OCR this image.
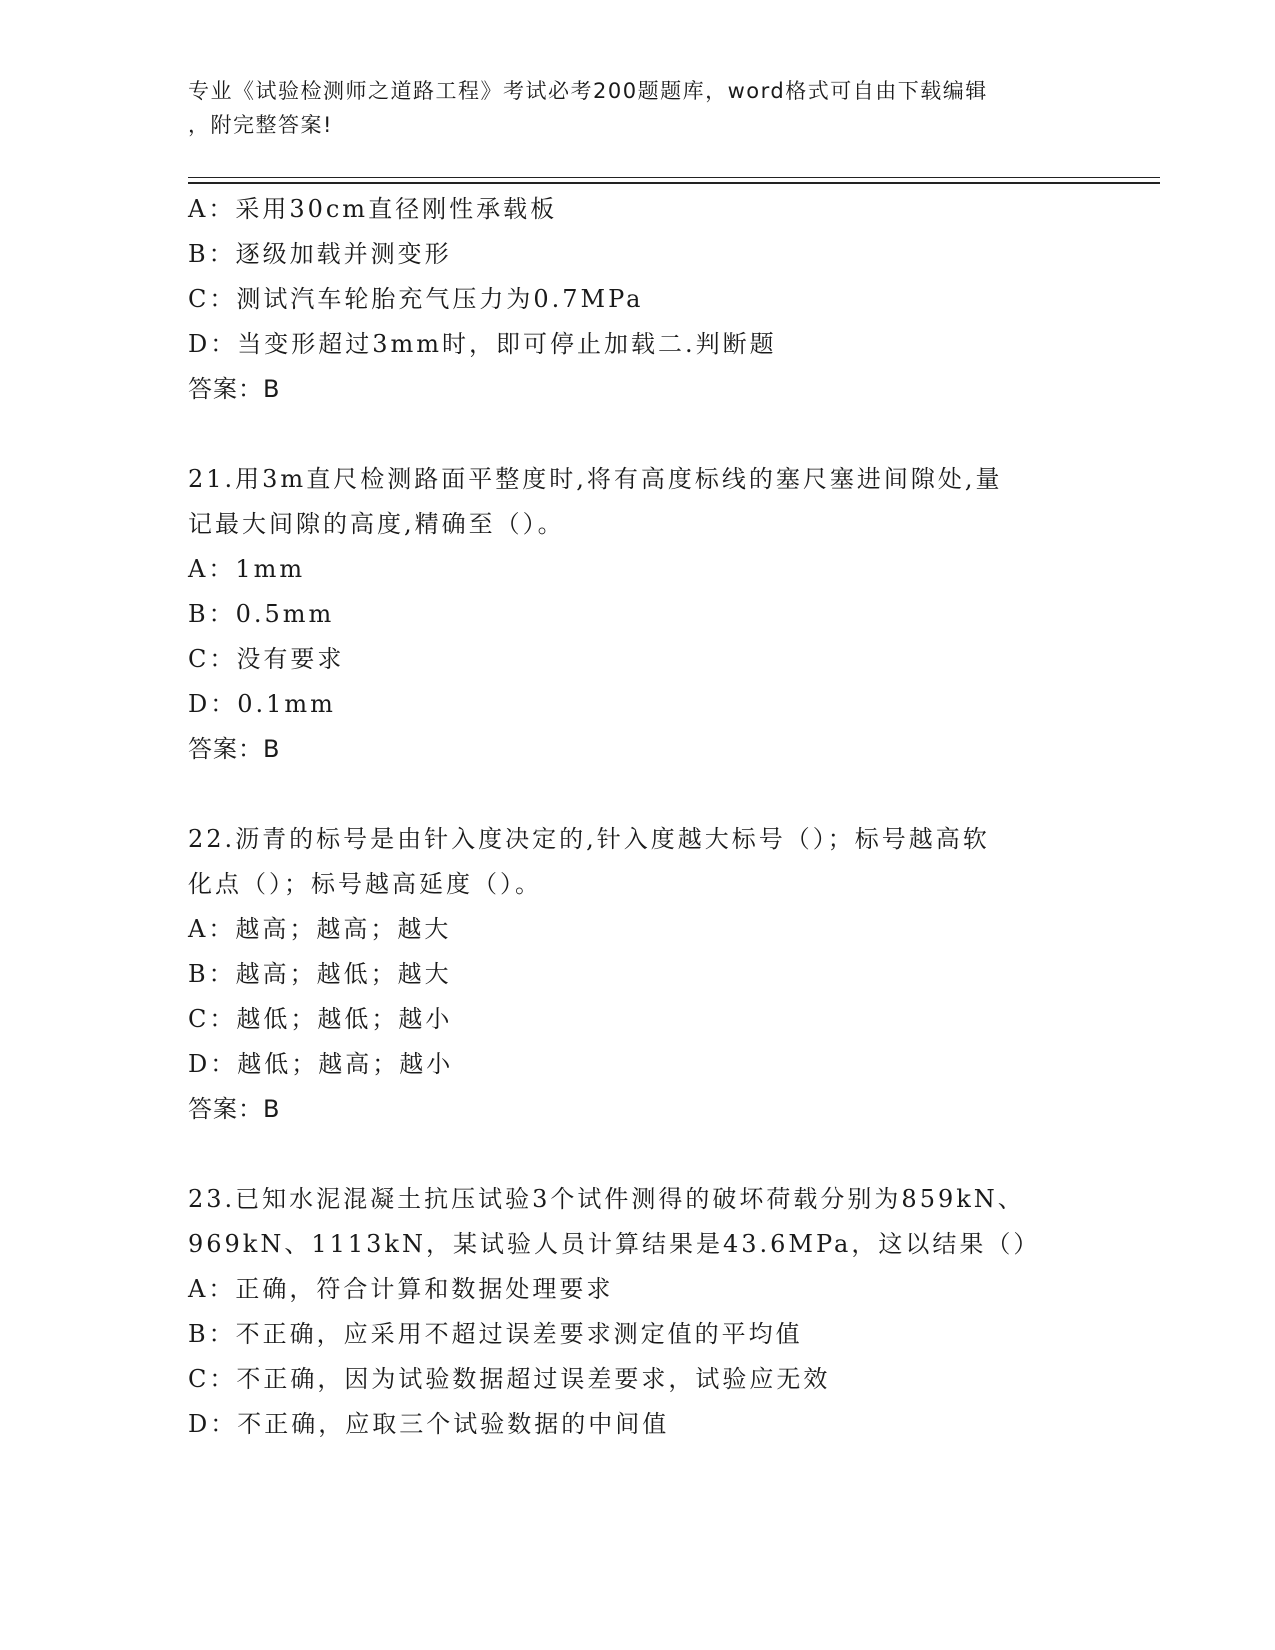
专业《试验检测师之道路工程》考试必考200题题库，word格式可自由下载编辑
，附完整答案!
A：采用30cm直径刚性承载板
B：逐级加载并测变形
C：测试汽车轮胎充气压力为0.7MPa
D：当变形超过3mm时，即可停止加载二.判断题
答案：B
21.用3m直尺检测路面平整度时,将有高度标线的塞尺塞进间隙处,量
记最大间隙的高度,精确至（）。
A：1mm
B：0.5mm
C：没有要求
D：0.1mm
答案：B
22.沥青的标号是由针入度决定的,针入度越大标号（）；标号越高软
化点（）；标号越高延度（）。
A：越高；越高；越大
B：越高；越低；越大
C：越低；越低；越小
D：越低；越高；越小
答案：B
23.已知水泥混凝土抗压试验3个试件测得的破坏荷载分别为859kN、
969kN、1113kN，某试验人员计算结果是43.6MPa，这以结果（）
A：正确，符合计算和数据处理要求
B：不正确，应采用不超过误差要求测定值的平均值
C：不正确，因为试验数据超过误差要求，试验应无效
D：不正确，应取三个试验数据的中间值
